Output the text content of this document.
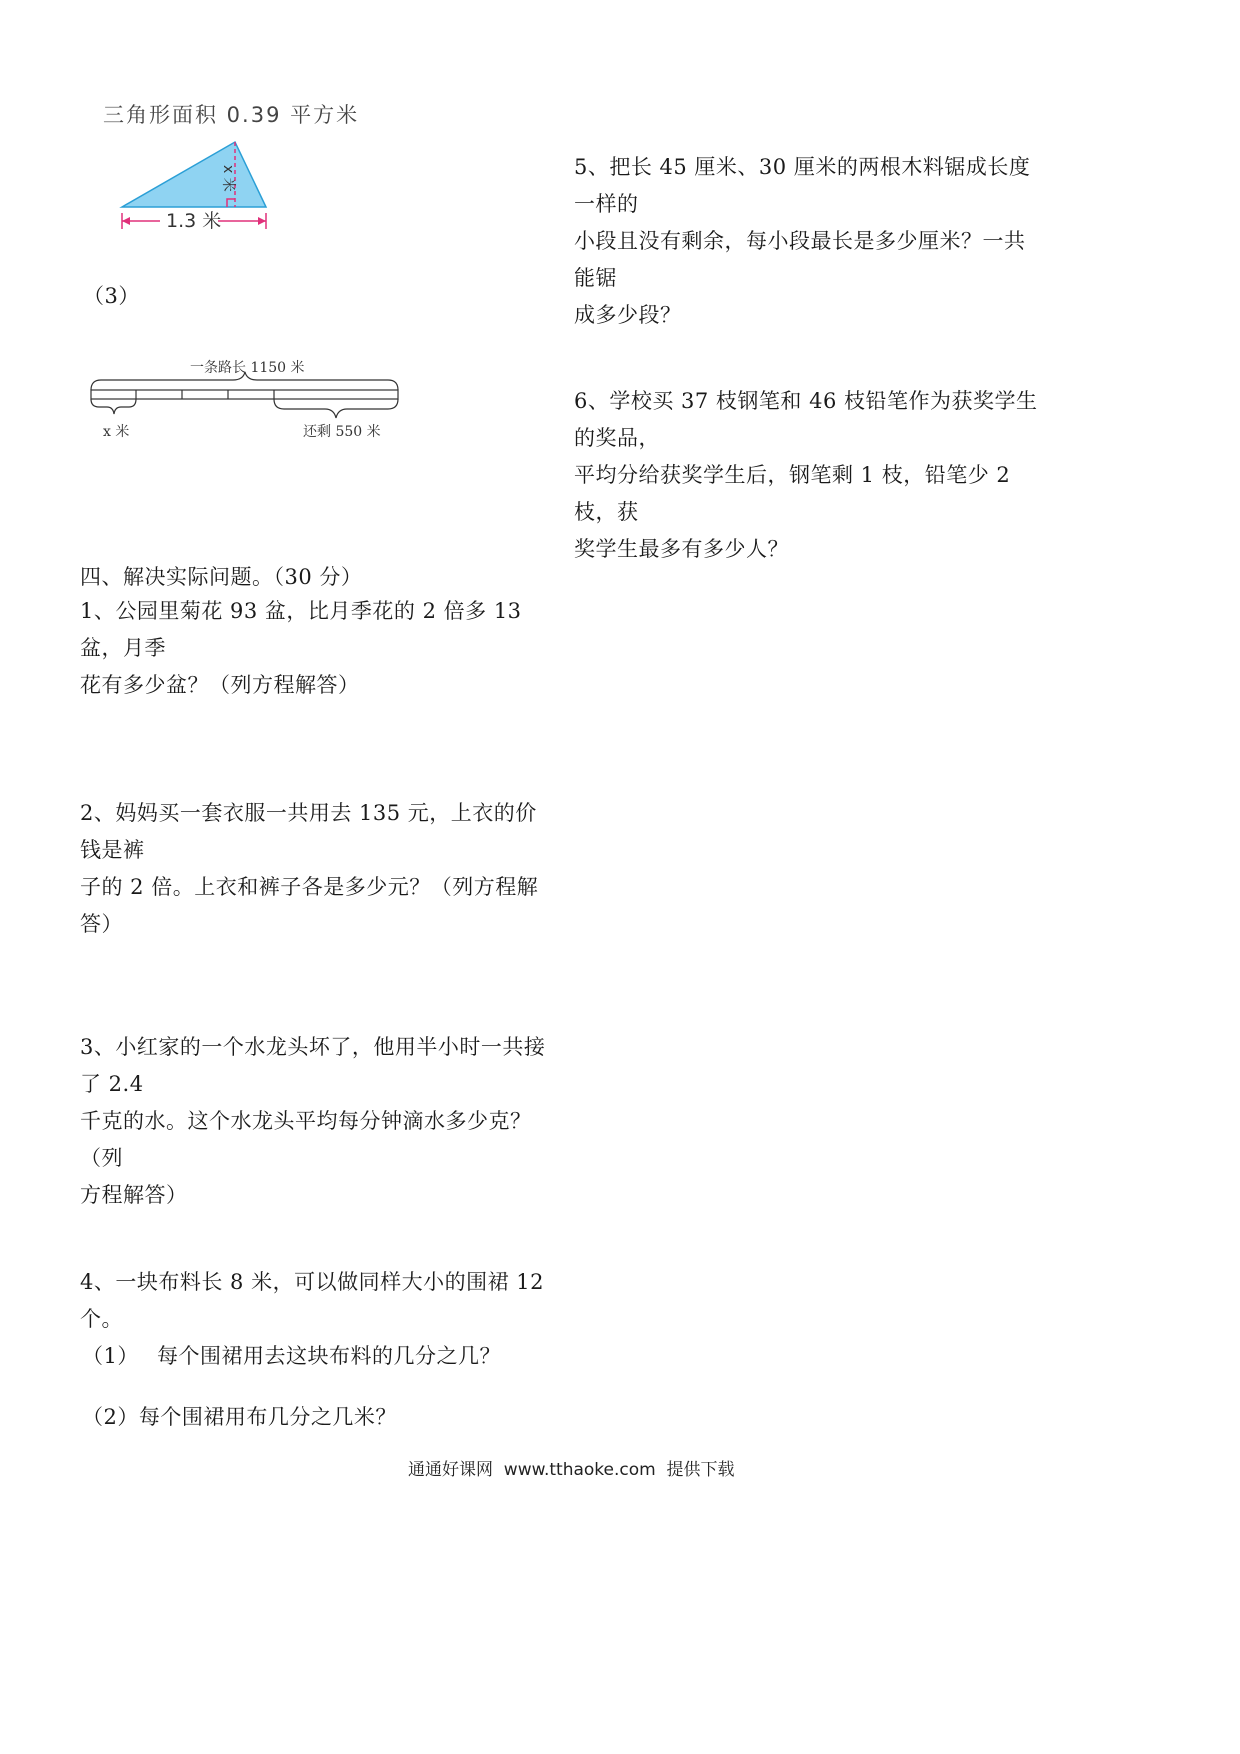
三角形面积 0.39 平方米
x 米
1.3 米
（3）
一条路长 1150 米
x 米	还剩 550 米
四、解决实际问题。（30 分）
1、公园里菊花 93 盆，比月季花的 2 倍多 13 盆，月季
花有多少盆？（列方程解答）
2、妈妈买一套衣服一共用去 135 元，上衣的价钱是裤
子的 2 倍。上衣和裤子各是多少元？（列方程解答）
3、小红家的一个水龙头坏了，他用半小时一共接了 2.4
千克的水。这个水龙头平均每分钟滴水多少克？（列
方程解答）
4、一块布料长 8 米，可以做同样大小的围裙 12 个。
（1） 每个围裙用去这块布料的几分之几？
（2）每个围裙用布几分之几米？
5、把长 45 厘米、30 厘米的两根木料锯成长度一样的
小段且没有剩余，每小段最长是多少厘米？一共能锯
成多少段？
6、学校买 37 枝钢笔和 46 枝铅笔作为获奖学生的奖品，
平均分给获奖学生后，钢笔剩 1 枝，铅笔少 2 枝，获
奖学生最多有多少人？
通通好课网  www.tthaoke.com  提供下载
